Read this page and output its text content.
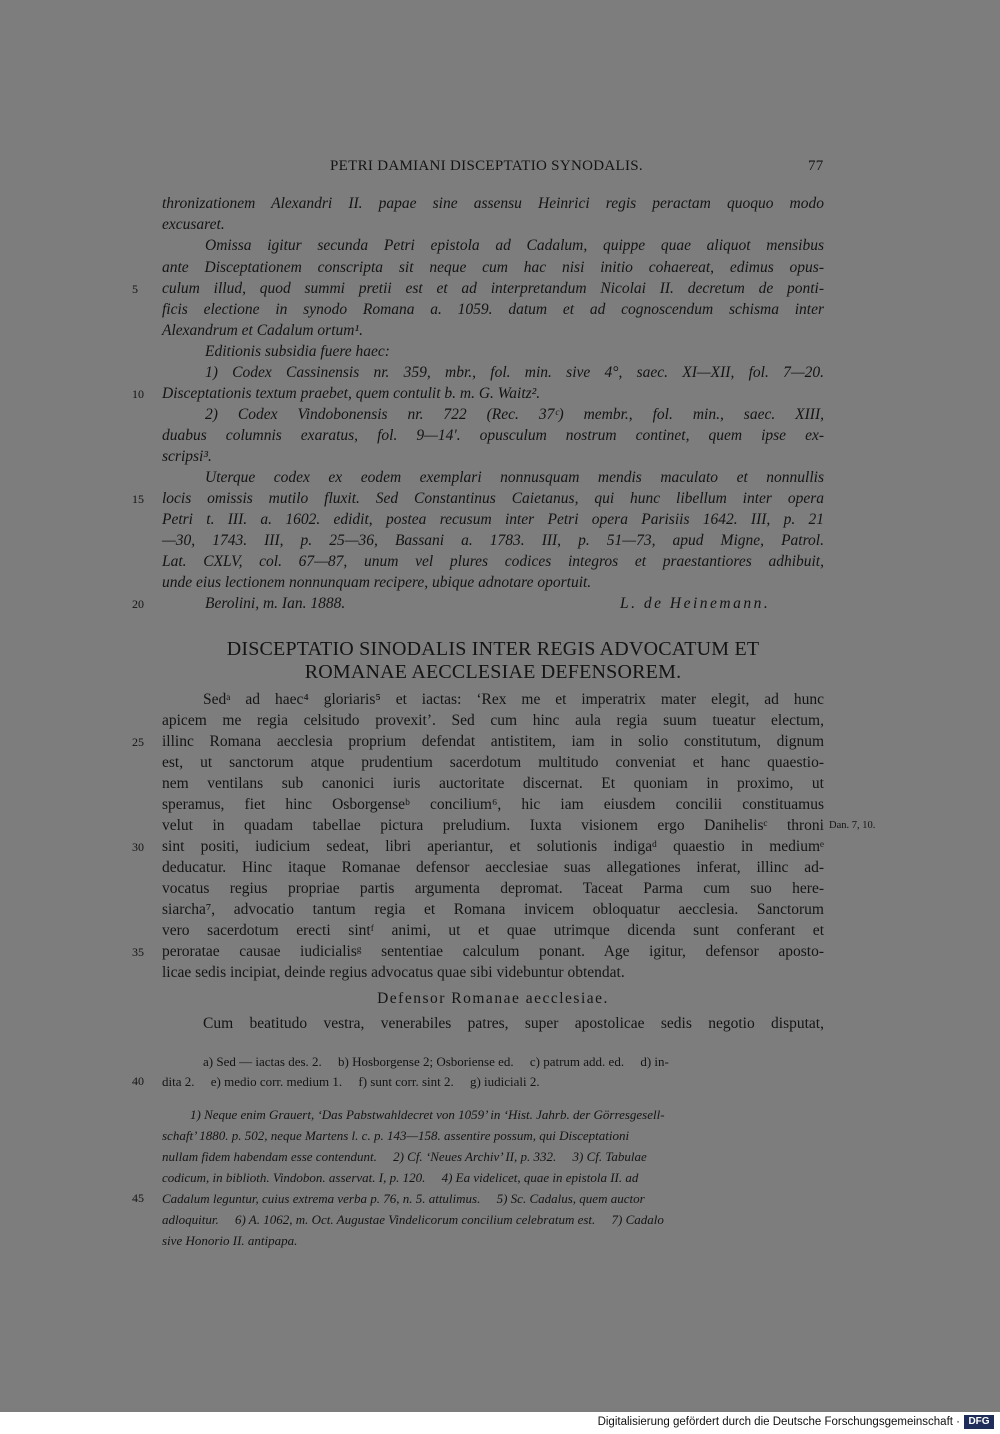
PETRI DAMIANI DISCEPTATIO SYNODALIS.	77
thronizationem Alexandri II. papae sine assensu Heinrici regis peractam quoquo modo
excusaret.
Omissa igitur secunda Petri epistola ad Cadalum, quippe quae aliquot mensibus
ante Disceptationem conscripta sit neque cum hac nisi initio cohaereat, edimus opus-
culum illud, quod summi pretii est et ad interpretandum Nicolai II. decretum de ponti-
ficis electione in synodo Romana a. 1059. datum et ad cognoscendum schisma inter
Alexandrum et Cadalum ortum¹.
Editionis subsidia fuere haec:
1) Codex Cassinensis nr. 359, mbr., fol. min. sive 4°, saec. XI—XII, fol. 7—20.
Disceptationis textum praebet, quem contulit b. m. G. Waitz².
2) Codex Vindobonensis nr. 722 (Rec. 37ᶜ) membr., fol. min., saec. XIII,
duabus columnis exaratus, fol. 9—14'. opusculum nostrum continet, quem ipse ex-
scripsi³.
Uterque codex ex eodem exemplari nonnusquam mendis maculato et nonnullis
locis omissis mutilo fluxit. Sed Constantinus Caietanus, qui hunc libellum inter opera
Petri t. III. a. 1602. edidit, postea recusum inter Petri opera Parisiis 1642. III, p. 21
—30, 1743. III, p. 25—36, Bassani a. 1783. III, p. 51—73, apud Migne, Patrol.
Lat. CXLV, col. 67—87, unum vel plures codices integros et praestantiores adhibuit,
unde eius lectionem nonnunquam recipere, ubique adnotare oportuit.
Berolini, m. Ian. 1888.	L. de Heinemann.
DISCEPTATIO SINODALIS INTER REGIS ADVOCATUM ET
ROMANAE AECCLESIAE DEFENSOREM.
Sedᵃ ad haec⁴ gloriaris⁵ et iactas: ‘Rex me et imperatrix mater elegit, ad hunc
apicem me regia celsitudo provexit’. Sed cum hinc aula regia suum tueatur electum,
illinc Romana aecclesia proprium defendat antistitem, iam in solio constitutum, dignum
est, ut sanctorum atque prudentium sacerdotum multitudo conveniat et hanc quaestio-
nem ventilans sub canonici iuris auctoritate discernat. Et quoniam in proximo, ut
speramus, fiet hinc Osborgenseᵇ concilium⁶, hic iam eiusdem concilii constituamus
velut in quadam tabellae pictura preludium. Iuxta visionem ergo Danihelisᶜ throni
sint positi, iudicium sedeat, libri aperiantur, et solutionis indigaᵈ quaestio in mediumᵉ
deducatur. Hinc itaque Romanae defensor aecclesiae suas allegationes inferat, illinc ad-
vocatus regius propriae partis argumenta depromat. Taceat Parma cum suo here-
siarcha⁷, advocatio tantum regia et Romana invicem obloquatur aecclesia. Sanctorum
vero sacerdotum erecti sintᶠ animi, ut et quae utrimque dicenda sunt conferant et
peroratae causae iudicialisᵍ sententiae calculum ponant. Age igitur, defensor aposto-
licae sedis incipiat, deinde regius advocatus quae sibi videbuntur obtendat.
Dan. 7, 10.
Defensor Romanae aecclesiae.
Cum beatitudo vestra, venerabiles patres, super apostolicae sedis negotio disputat,
a) Sed — iactas des. 2.     b) Hosborgense 2; Osboriense ed.     c) patrum add. ed.     d) in-
dita 2.     e) medio corr. medium 1.     f) sunt corr. sint 2.     g) iudiciali 2.
1) Neque enim Grauert, ‘Das Pabstwahldecret von 1059’ in ‘Hist. Jahrb. der Görresgesell-
schaft’ 1880. p. 502, neque Martens l. c. p. 143—158. assentire possum, qui Disceptationi
nullam fidem habendam esse contendunt.     2) Cf. ‘Neues Archiv’ II, p. 332.     3) Cf. Tabulae
codicum, in biblioth. Vindobon. asservat. I, p. 120.     4) Ea videlicet, quae in epistola II. ad
Cadalum leguntur, cuius extrema verba p. 76, n. 5. attulimus.     5) Sc. Cadalus, quem auctor
adloquitur.     6) A. 1062, m. Oct. Augustae Vindelicorum concilium celebratum est.     7) Cadalo
sive Honorio II. antipapa.
5
10
15
20
25
30
35
40
45
Digitalisierung gefördert durch die Deutsche Forschungsgemeinschaft · DFG
